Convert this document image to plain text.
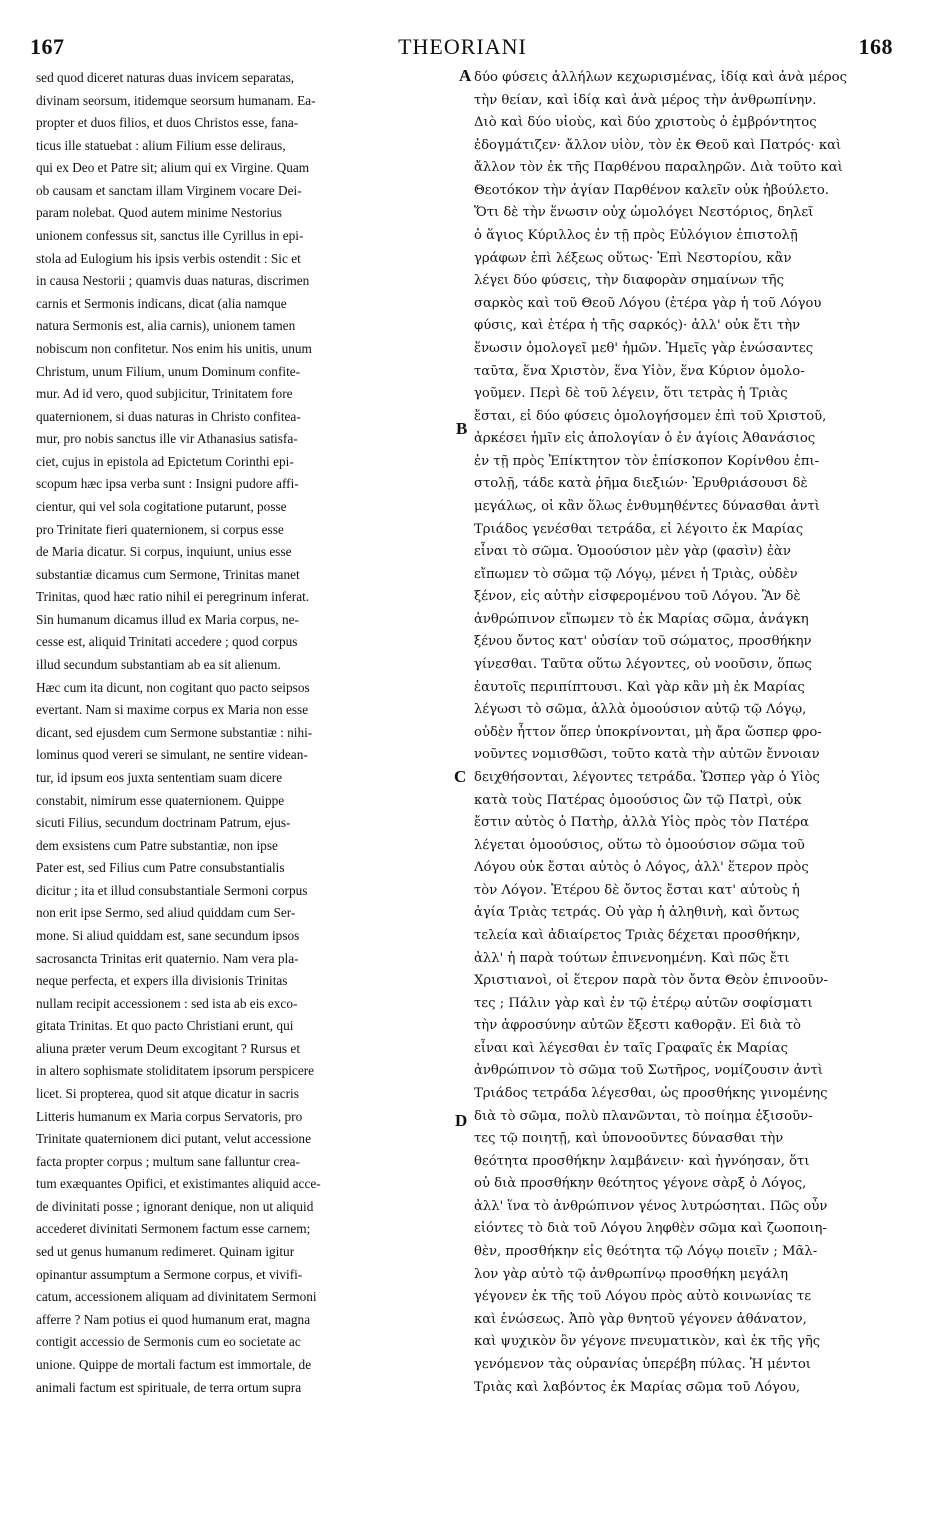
167	THEORIANI	168
sed quod diceret naturas duas invicem separatas,
divinam seorsum, itidemque seorsum humanam. Ea-
propter et duos filios, et duos Christos esse, fana-
ticus ille statuebat : alium Filium esse deliraus,
qui ex Deo et Patre sit; alium qui ex Virgine. Quam
ob causam et sanctam illam Virginem vocare Dei-
param nolebat. Quod autem minime Nestorius
unionem confessus sit, sanctus ille Cyrillus in epi-
stola ad Eulogium his ipsis verbis ostendit : Sic et
in causa Nestorii ; quamvis duas naturas, discrimen
carnis et Sermonis indicans, dicat (alia namque
natura Sermonis est, alia carnis), unionem tamen
nobiscum non confitetur. Nos enim his unitis, unum
Christum, unum Filium, unum Dominum confite-
mur. Ad id vero, quod subjicitur, Trinitatem fore
quaternionem, si duas naturas in Christo confitea-
mur, pro nobis sanctus ille vir Athanasius satisfa-
ciet, cujus in epistola ad Epictetum Corinthi epi-
scopum hæc ipsa verba sunt : Insigni pudore affi-
cientur, qui vel sola cogitatione putarunt, posse
pro Trinitate fieri quaternionem, si corpus esse
de Maria dicatur. Si corpus, inquiunt, unius esse
substantiæ dicamus cum Sermone, Trinitas manet
Trinitas, quod hæc ratio nihil ei peregrinum inferat.
Sin humanum dicamus illud ex Maria corpus, ne-
cesse est, aliquid Trinitati accedere ; quod corpus
illud secundum substantiam ab ea sit alienum.
Hæc cum ita dicunt, non cogitant quo pacto seipsos
evertant. Nam si maxime corpus ex Maria non esse
dicant, sed ejusdem cum Sermone substantiæ : nihi-
lominus quod vererі se simulant, ne sentire videan-
tur, id ipsum eos juxta sententiam suam dicere
constabit, nimirum esse quaternionem. Quippe
sicuti Filius, secundum doctrinam Patrum, ejus-
dem exsistens cum Patre substantiæ, non ipse
Pater est, sed Filius cum Patre consubstantialis
dicitur ; ita et illud consubstantiale Sermoni corpus
non erit ipse Sermo, sed aliud quiddam cum Ser-
mone. Si aliud quiddam est, sane secundum ipsos
sacrosancta Trinitas erit quaternio. Nam vera pla-
neque perfecta, et expers illa divisionis Trinitas
nullam recipit accessionem : sed ista ab eis exco-
gitata Trinitas. Et quo pacto Christiani erunt, qui
aliuna præter verum Deum excogitant ? Rursus et
in altero sophismate stoliditatem ipsorum perspicere
licet. Si propterea, quod sit atque dicatur in sacris
Litteris humanum ex Maria corpus Servatoris, pro
Trinitate quaternionem dici putant, velut accessione
facta propter corpus ; multum sane falluntur crea-
tum exæquantes Opifici, et existimantes aliquid acce-
de divinitati posse ; ignorant denique, non ut aliquid
accederet divinitati Sermonem factum esse carnem;
sed ut genus humanum redimeret. Quinam igitur
opinantur assumptum a Sermone corpus, et vivifi-
catum, accessionem aliquam ad divinitatem Sermoni
afferre ? Nam potius ei quod humanum erat, magna
contigit accessio de Sermonis cum eo societate ac
unione. Quippe de mortali factum est immortale, de
animali factum est spirituale, de terra ortum supra
A
B
C
D
δύο φύσεις ἀλλήλων κεχωρισμένας, ἰδίᾳ καὶ ἀνὰ μέρος
τὴν θείαν, καὶ ἰδίᾳ καὶ ἀνὰ μέρος τὴν ἀνθρωπίνην.
Διὸ καὶ δύο υἱοὺς, καὶ δύο χριστοὺς ὁ ἐμβρόντητος
ἐδογμάτιζεν· ἄλλον υἱὸν, τὸν ἐκ Θεοῦ καὶ Πατρός· καὶ
ἄλλον τὸν ἐκ τῆς Παρθένου παραληρῶν. Διὰ τοῦτο καὶ
Θεοτόκον τὴν ἁγίαν Παρθένον καλεῖν οὐκ ἠβούλετο.
Ὅτι δὲ τὴν ἕνωσιν οὐχ ὡμολόγει Νεστόριος, δηλεῖ
ὁ ἅγιος Κύριλλος ἐν τῇ πρὸς Εὐλόγιον ἐπιστολῇ
γράφων ἐπὶ λέξεως οὕτως· Ἐπὶ Νεστορίου, κἂν
λέγει δύο φύσεις, τὴν διαφορὰν σημαίνων τῆς
σαρκὸς καὶ τοῦ Θεοῦ Λόγου (ἑτέρα γὰρ ἡ τοῦ Λόγου
φύσις, καὶ ἑτέρα ἡ τῆς σαρκός)· ἀλλ' οὐκ ἔτι τὴν
ἕνωσιν ὁμολογεῖ μεθ' ἡμῶν. Ἡμεῖς γὰρ ἑνώσαντες
ταῦτα, ἕνα Χριστὸν, ἕνα Υἱὸν, ἕνα Κύριον ὁμολο-
γοῦμεν. Περὶ δὲ τοῦ λέγειν, ὅτι τετρὰς ἡ Τριὰς
ἔσται, εἰ δύο φύσεις ὁμολογήσομεν ἐπὶ τοῦ Χριστοῦ,
ἀρκέσει ἡμῖν εἰς ἀπολογίαν ὁ ἐν ἁγίοις Ἀθανάσιος
ἐν τῇ πρὸς Ἐπίκτητον τὸν ἐπίσκοπον Κορίνθου ἐπι-
στολῇ, τάδε κατὰ ῥῆμα διεξιών· Ἐρυθριάσουσι δὲ
μεγάλως, οἱ κἂν ὅλως ἐνθυμηθέντες δύνασθαι ἀντὶ
Τριάδος γενέσθαι τετράδα, εἰ λέγοιτο ἐκ Μαρίας
εἶναι τὸ σῶμα. Ὁμοούσιον μὲν γὰρ (φασὶν) ἐὰν
εἴπωμεν τὸ σῶμα τῷ Λόγῳ, μένει ἡ Τριὰς, οὐδὲν
ξένον, εἰς αὐτὴν εἰσφερομένου τοῦ Λόγου. Ἂν δὲ
ἀνθρώπινον εἴπωμεν τὸ ἐκ Μαρίας σῶμα, ἀνάγκη
ξένου ὄντος κατ' οὐσίαν τοῦ σώματος, προσθήκην
γίνεσθαι. Ταῦτα οὕτω λέγοντες, οὐ νοοῦσιν, ὅπως
ἑαυτοῖς περιπίπτουσι. Καὶ γὰρ κἂν μὴ ἐκ Μαρίας
λέγωσι τὸ σῶμα, ἀλλὰ ὁμοούσιον αὐτῷ τῷ Λόγῳ,
οὐδὲν ἧττον ὅπερ ὑποκρίνονται, μὴ ἄρα ὥσπερ φρο-
νοῦντες νομισθῶσι, τοῦτο κατὰ τὴν αὐτῶν ἔννοιαν
δειχθήσονται, λέγοντες τετράδα. Ὥσπερ γὰρ ὁ Υἱὸς
κατὰ τοὺς Πατέρας ὁμοούσιος ὢν τῷ Πατρὶ, οὐκ
ἔστιν αὐτὸς ὁ Πατὴρ, ἀλλὰ Υἱὸς πρὸς τὸν Πατέρα
λέγεται ὁμοούσιος, οὕτω τὸ ὁμοούσιον σῶμα τοῦ
Λόγου οὐκ ἔσται αὐτὸς ὁ Λόγος, ἀλλ' ἕτερον πρὸς
τὸν Λόγον. Ἑτέρου δὲ ὄντος ἔσται κατ' αὐτοὺς ἡ
ἁγία Τριὰς τετράς. Οὐ γὰρ ἡ ἀληθινὴ, καὶ ὄντως
τελεία καὶ ἀδιαίρετος Τριὰς δέχεται προσθήκην,
ἀλλ' ἡ παρὰ τούτων ἐπινενοημένη. Καὶ πῶς ἔτι
Χριστιανοὶ, οἱ ἕτερον παρὰ τὸν ὄντα Θεὸν ἐπινοοῦν-
τες ; Πάλιν γὰρ καὶ ἐν τῷ ἑτέρῳ αὐτῶν σοφίσματι
τὴν ἀφροσύνην αὐτῶν ἔξεστι καθορᾷν. Εἰ διὰ τὸ
εἶναι καὶ λέγεσθαι ἐν ταῖς Γραφαῖς ἐκ Μαρίας
ἀνθρώπινον τὸ σῶμα τοῦ Σωτῆρος, νομίζουσιν ἀντὶ
Τριάδος τετράδα λέγεσθαι, ὡς προσθήκης γινομένης
διὰ τὸ σῶμα, πολὺ πλανῶνται, τὸ ποίημα ἐξισοῦν-
τες τῷ ποιητῇ, καὶ ὑπονοοῦντες δύνασθαι τὴν
θεότητα προσθήκην λαμβάνειν· καὶ ἠγνόησαν, ὅτι
οὐ διὰ προσθήκην θεότητος γέγονε σὰρξ ὁ Λόγος,
ἀλλ' ἵνα τὸ ἀνθρώπινον γένος λυτρώσηται. Πῶς οὖν
εἰόντες τὸ διὰ τοῦ Λόγου ληφθὲν σῶμα καὶ ζωοποιη-
θὲν, προσθήκην εἰς θεότητα τῷ Λόγῳ ποιεῖν ; Μᾶλ-
λον γὰρ αὐτὸ τῷ ἀνθρωπίνῳ προσθήκη μεγάλη
γέγονεν ἐκ τῆς τοῦ Λόγου πρὸς αὐτὸ κοινωνίας τε
καὶ ἑνώσεως. Ἀπὸ γὰρ θνητοῦ γέγονεν ἀθάνατον,
καὶ ψυχικὸν ὂν γέγονε πνευματικὸν, καὶ ἐκ τῆς γῆς
γενόμενον τὰς οὐρανίας ὑπερέβη πύλας. Ἡ μέντοι
Τριὰς καὶ λαβόντος ἐκ Μαρίας σῶμα τοῦ Λόγου,
